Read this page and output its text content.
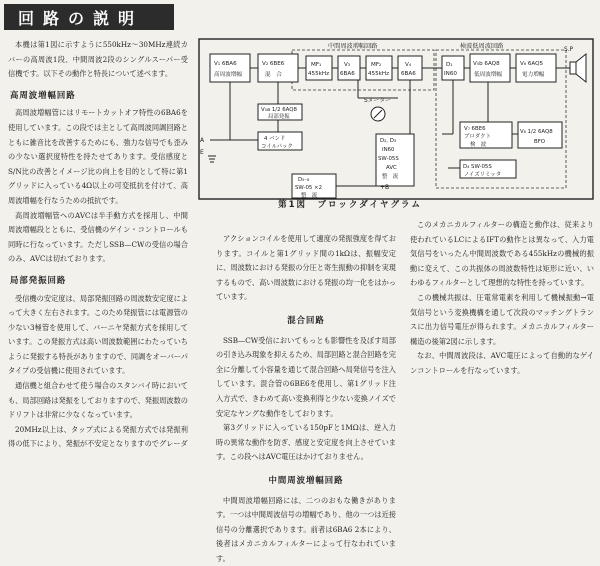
回路の説明

本機は第1図に示すように550kHz〜30MHz連続カバーの高周波1段、中間周波2段のシングルスーパー受信機です。以下その動作と特長について述べます。

高周波増幅回路

高周波増幅管にはリモートカットオフ特性の6BA6を使用しています。この段では主として高周波同調回路とともに雑音比を改善するためにも、強力な信号でも歪みの少ない選択度特性を持たせてあります。受信感度とS/N比の改善とイメージ比の向上を目的として特に第1グリッドに入っている4Ω以上の可変抵抗を付けて、高周波増幅を行なうための抵抗です。

高周波増幅管へのAVCは半手動方式を採用し、中間周波増幅段とともに、受信機のゲイン・コントロールも同時に行なっています。ただしSSB—CWの受信の場合のみ、AVCは切れております。

局部発振回路

受信機の安定度は、局部発振回路の周波数安定度によって大きく左右されます。このため発振管には電源管の少ない3極管を使用して、バーニヤ発振方式を採用しています。この発振方式は高い周波数範囲にわたっていちように発振する特長がありますので、同調をオーバーパタイプの受信機に使用されています。

通信機と組合わせて使う場合のスタンバイ時においても、局部回路は発振をしておりますので、発振周波数のドリフトは非常に少なくなっています。

20MHz以上は、タップ式による発振方式では発振利得の低下により、発振が不安定となりますのでグレーダ

中間周波増幅回路	検波低周波回路
V₁ 6BA6
高周波増幅
V₂ 6BE6
混　合
MF₁
455kHz
V₃
6BA6
MF₂
455kHz
V₄
6BA6
D₁
IN60
V₅b 6AQ8
低周波増幅
V₆ 6AQ5
電力増幅
S.P
V₅a 1/2 6AQ8
局部発振
4 バンド
コイルパック
D₂, D₃
IN60
SW-05S
AVC
整　流
V₇ 6BE6
プロダクト
検　波
V₈ 1/2 6AQ8
BFO
D₄ SW-05S
ノイズリミッタ
D₅₋₈
SW-05 ×2
整　流
Sメーター
A
E
+B
第1図　ブロックダイヤグラム

アクションコイルを使用して適度の発振強度を得ております。コイルと第1グリッド間の1kΩは、振幅安定に、周波数における発振の分圧と寄生振動の抑制を実現するもので、高い周波数における発振の均一化をはかっています。

混合回路

SSB—CW受信においてもっとも影響性を及ぼす局部の引き込み現象を抑えるため、局部回路と混合回路を完全に分離して小容量を通じて混合回路へ局発信号を注入しています。混合管の6BE6を使用し、第1グリッド注入方式で、きわめて高い変換利得と少ない変換ノイズで安定なヤングな動作をしております。

第3グリッドに入っている150pFと1MΩは、逆入力時の異常な動作を防ぎ、感度と安定度を向上させています。この段へはAVC電圧はかけておりません。

中間周波増幅回路

中間周波増幅回路には、二つのおもな働きがあります。一つは中間周波信号の増幅であり、他の一つは近接信号の分離選択であります。前者は6BA6 2本により、後者はメカニカルフィルターによって行なわれています。

このメカニカルフィルターの構造と動作は、従来より使われているLCによるIFTの動作とは異なって、入力電気信号をいったん中間周波数である455kHzの機械的振動に変えて、この共振体の周波数特性は矩形に近い、いわゆるフィルターとして理想的な特性を持っています。

この機械共振は、圧電常電素を利用して機械振動→電気信号という変換機構を通して次段のマッチングトランスに出力信号電圧が得られます。メカニカルフィルター構造の後第2図に示します。

なお、中間周波段は、AVC電圧によって自動的なゲインコントロールを行なっています。
